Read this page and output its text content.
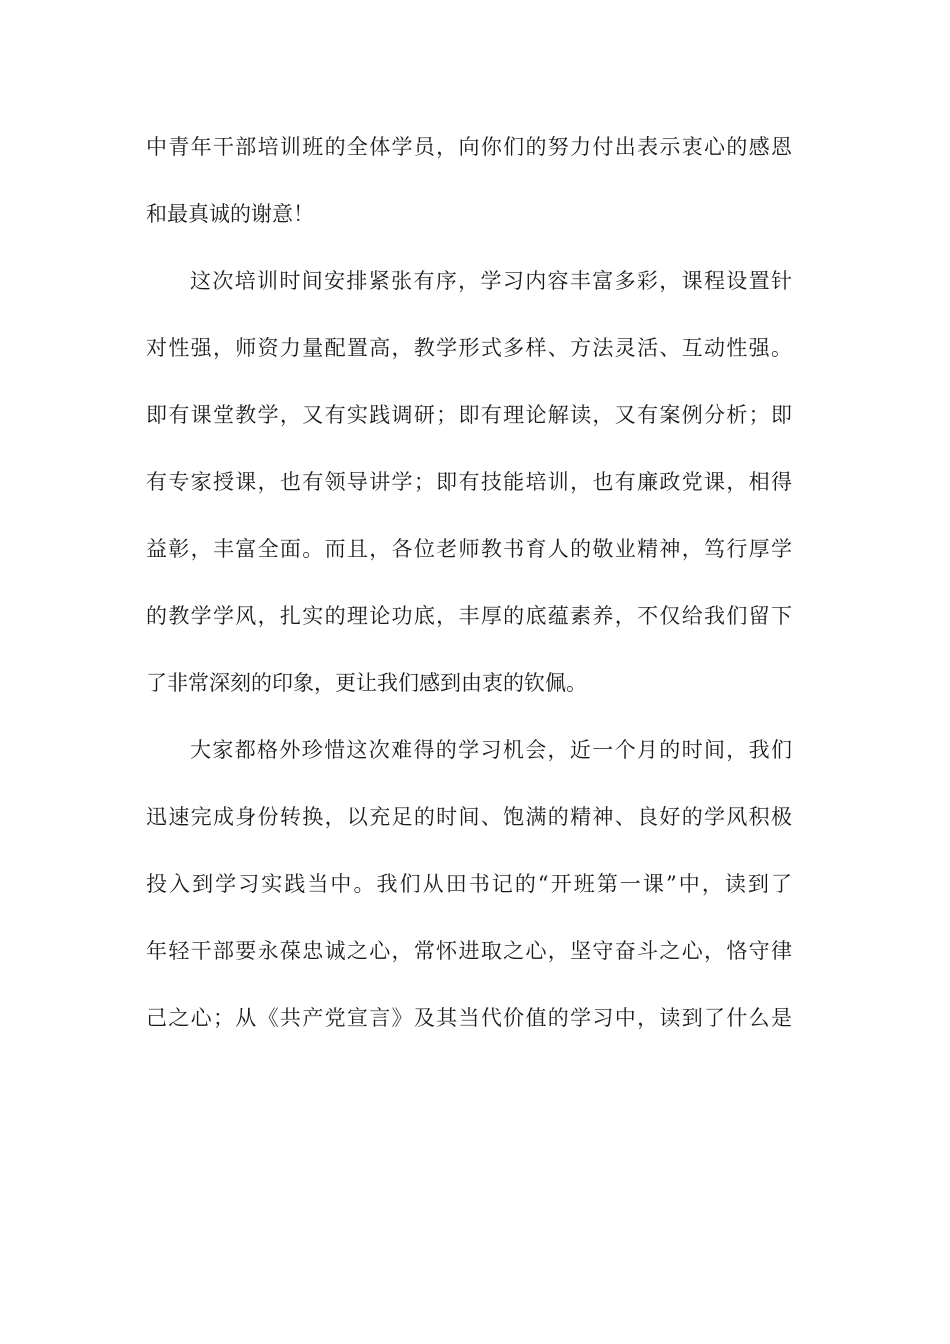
中青年干部培训班的全体学员，向你们的努力付出表示衷心的感恩
和最真诚的谢意！
这次培训时间安排紧张有序，学习内容丰富多彩，课程设置针
对性强，师资力量配置高，教学形式多样、方法灵活、互动性强。
即有课堂教学，又有实践调研；即有理论解读，又有案例分析；即
有专家授课，也有领导讲学；即有技能培训，也有廉政党课，相得
益彰，丰富全面。而且，各位老师教书育人的敬业精神，笃行厚学
的教学学风，扎实的理论功底，丰厚的底蕴素养，不仅给我们留下
了非常深刻的印象，更让我们感到由衷的钦佩。
大家都格外珍惜这次难得的学习机会，近一个月的时间，我们
迅速完成身份转换，以充足的时间、饱满的精神、良好的学风积极
投入到学习实践当中。我们从田书记的“开班第一课”中，读到了
年轻干部要永葆忠诚之心，常怀进取之心，坚守奋斗之心，恪守律
己之心；从《共产党宣言》及其当代价值的学习中，读到了什么是
